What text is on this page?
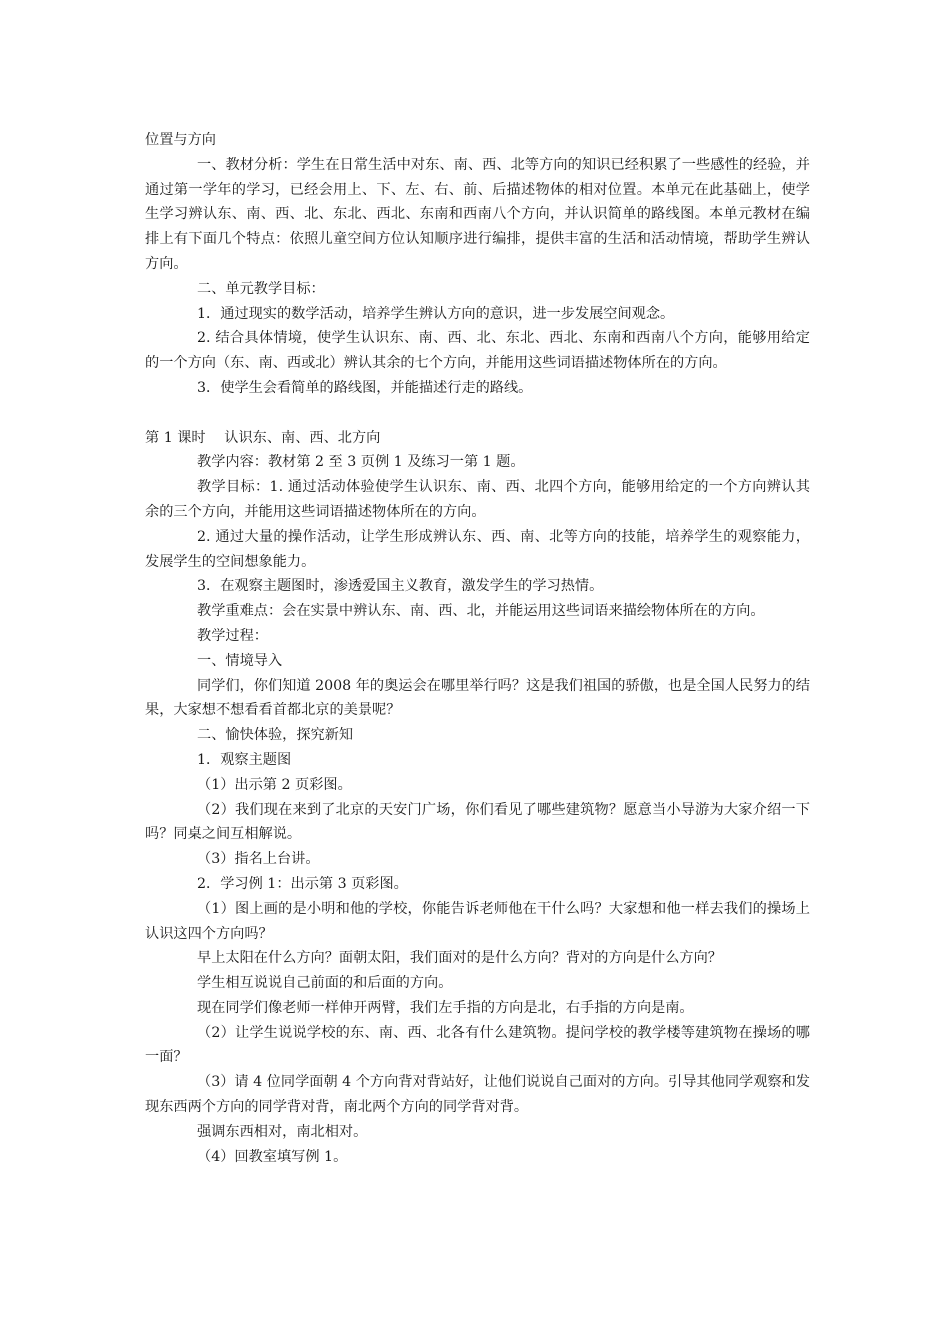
位置与方向

一、教材分析：学生在日常生活中对东、南、西、北等方向的知识已经积累了一些感性的经验，并通过第一学年的学习，已经会用上、下、左、右、前、后描述物体的相对位置。本单元在此基础上，使学生学习辨认东、南、西、北、东北、西北、东南和西南八个方向，并认识简单的路线图。本单元教材在编排上有下面几个特点：依照儿童空间方位认知顺序进行编排，提供丰富的生活和活动情境，帮助学生辨认方向。

二、单元教学目标：

1．通过现实的数学活动，培养学生辨认方向的意识，进一步发展空间观念。

2. 结合具体情境，使学生认识东、南、西、北、东北、西北、东南和西南八个方向，能够用给定的一个方向（东、南、西或北）辨认其余的七个方向，并能用这些词语描述物体所在的方向。

3．使学生会看简单的路线图，并能描述行走的路线。

第 1 课时　 认识东、南、西、北方向

教学内容：教材第 2 至 3 页例 1 及练习一第 1 题。

教学目标：1. 通过活动体验使学生认识东、南、西、北四个方向，能够用给定的一个方向辨认其余的三个方向，并能用这些词语描述物体所在的方向。

2. 通过大量的操作活动，让学生形成辨认东、西、南、北等方向的技能，培养学生的观察能力，发展学生的空间想象能力。

3．在观察主题图时，渗透爱国主义教育，激发学生的学习热情。

教学重难点：会在实景中辨认东、南、西、北，并能运用这些词语来描绘物体所在的方向。

教学过程：

一、情境导入

同学们，你们知道 2008 年的奥运会在哪里举行吗？这是我们祖国的骄傲，也是全国人民努力的结果，大家想不想看看首都北京的美景呢？

二、愉快体验，探究新知

1．观察主题图

（1）出示第 2 页彩图。

（2）我们现在来到了北京的天安门广场，你们看见了哪些建筑物？愿意当小导游为大家介绍一下吗？同桌之间互相解说。

（3）指名上台讲。

2．学习例 1：出示第 3 页彩图。

（1）图上画的是小明和他的学校，你能告诉老师他在干什么吗？大家想和他一样去我们的操场上认识这四个方向吗？

早上太阳在什么方向？面朝太阳，我们面对的是什么方向？背对的方向是什么方向？

学生相互说说自己前面的和后面的方向。

现在同学们像老师一样伸开两臂，我们左手指的方向是北，右手指的方向是南。

（2）让学生说说学校的东、南、西、北各有什么建筑物。提问学校的教学楼等建筑物在操场的哪一面？

（3）请 4 位同学面朝 4 个方向背对背站好，让他们说说自己面对的方向。引导其他同学观察和发现东西两个方向的同学背对背，南北两个方向的同学背对背。

强调东西相对，南北相对。

（4）回教室填写例 1。
